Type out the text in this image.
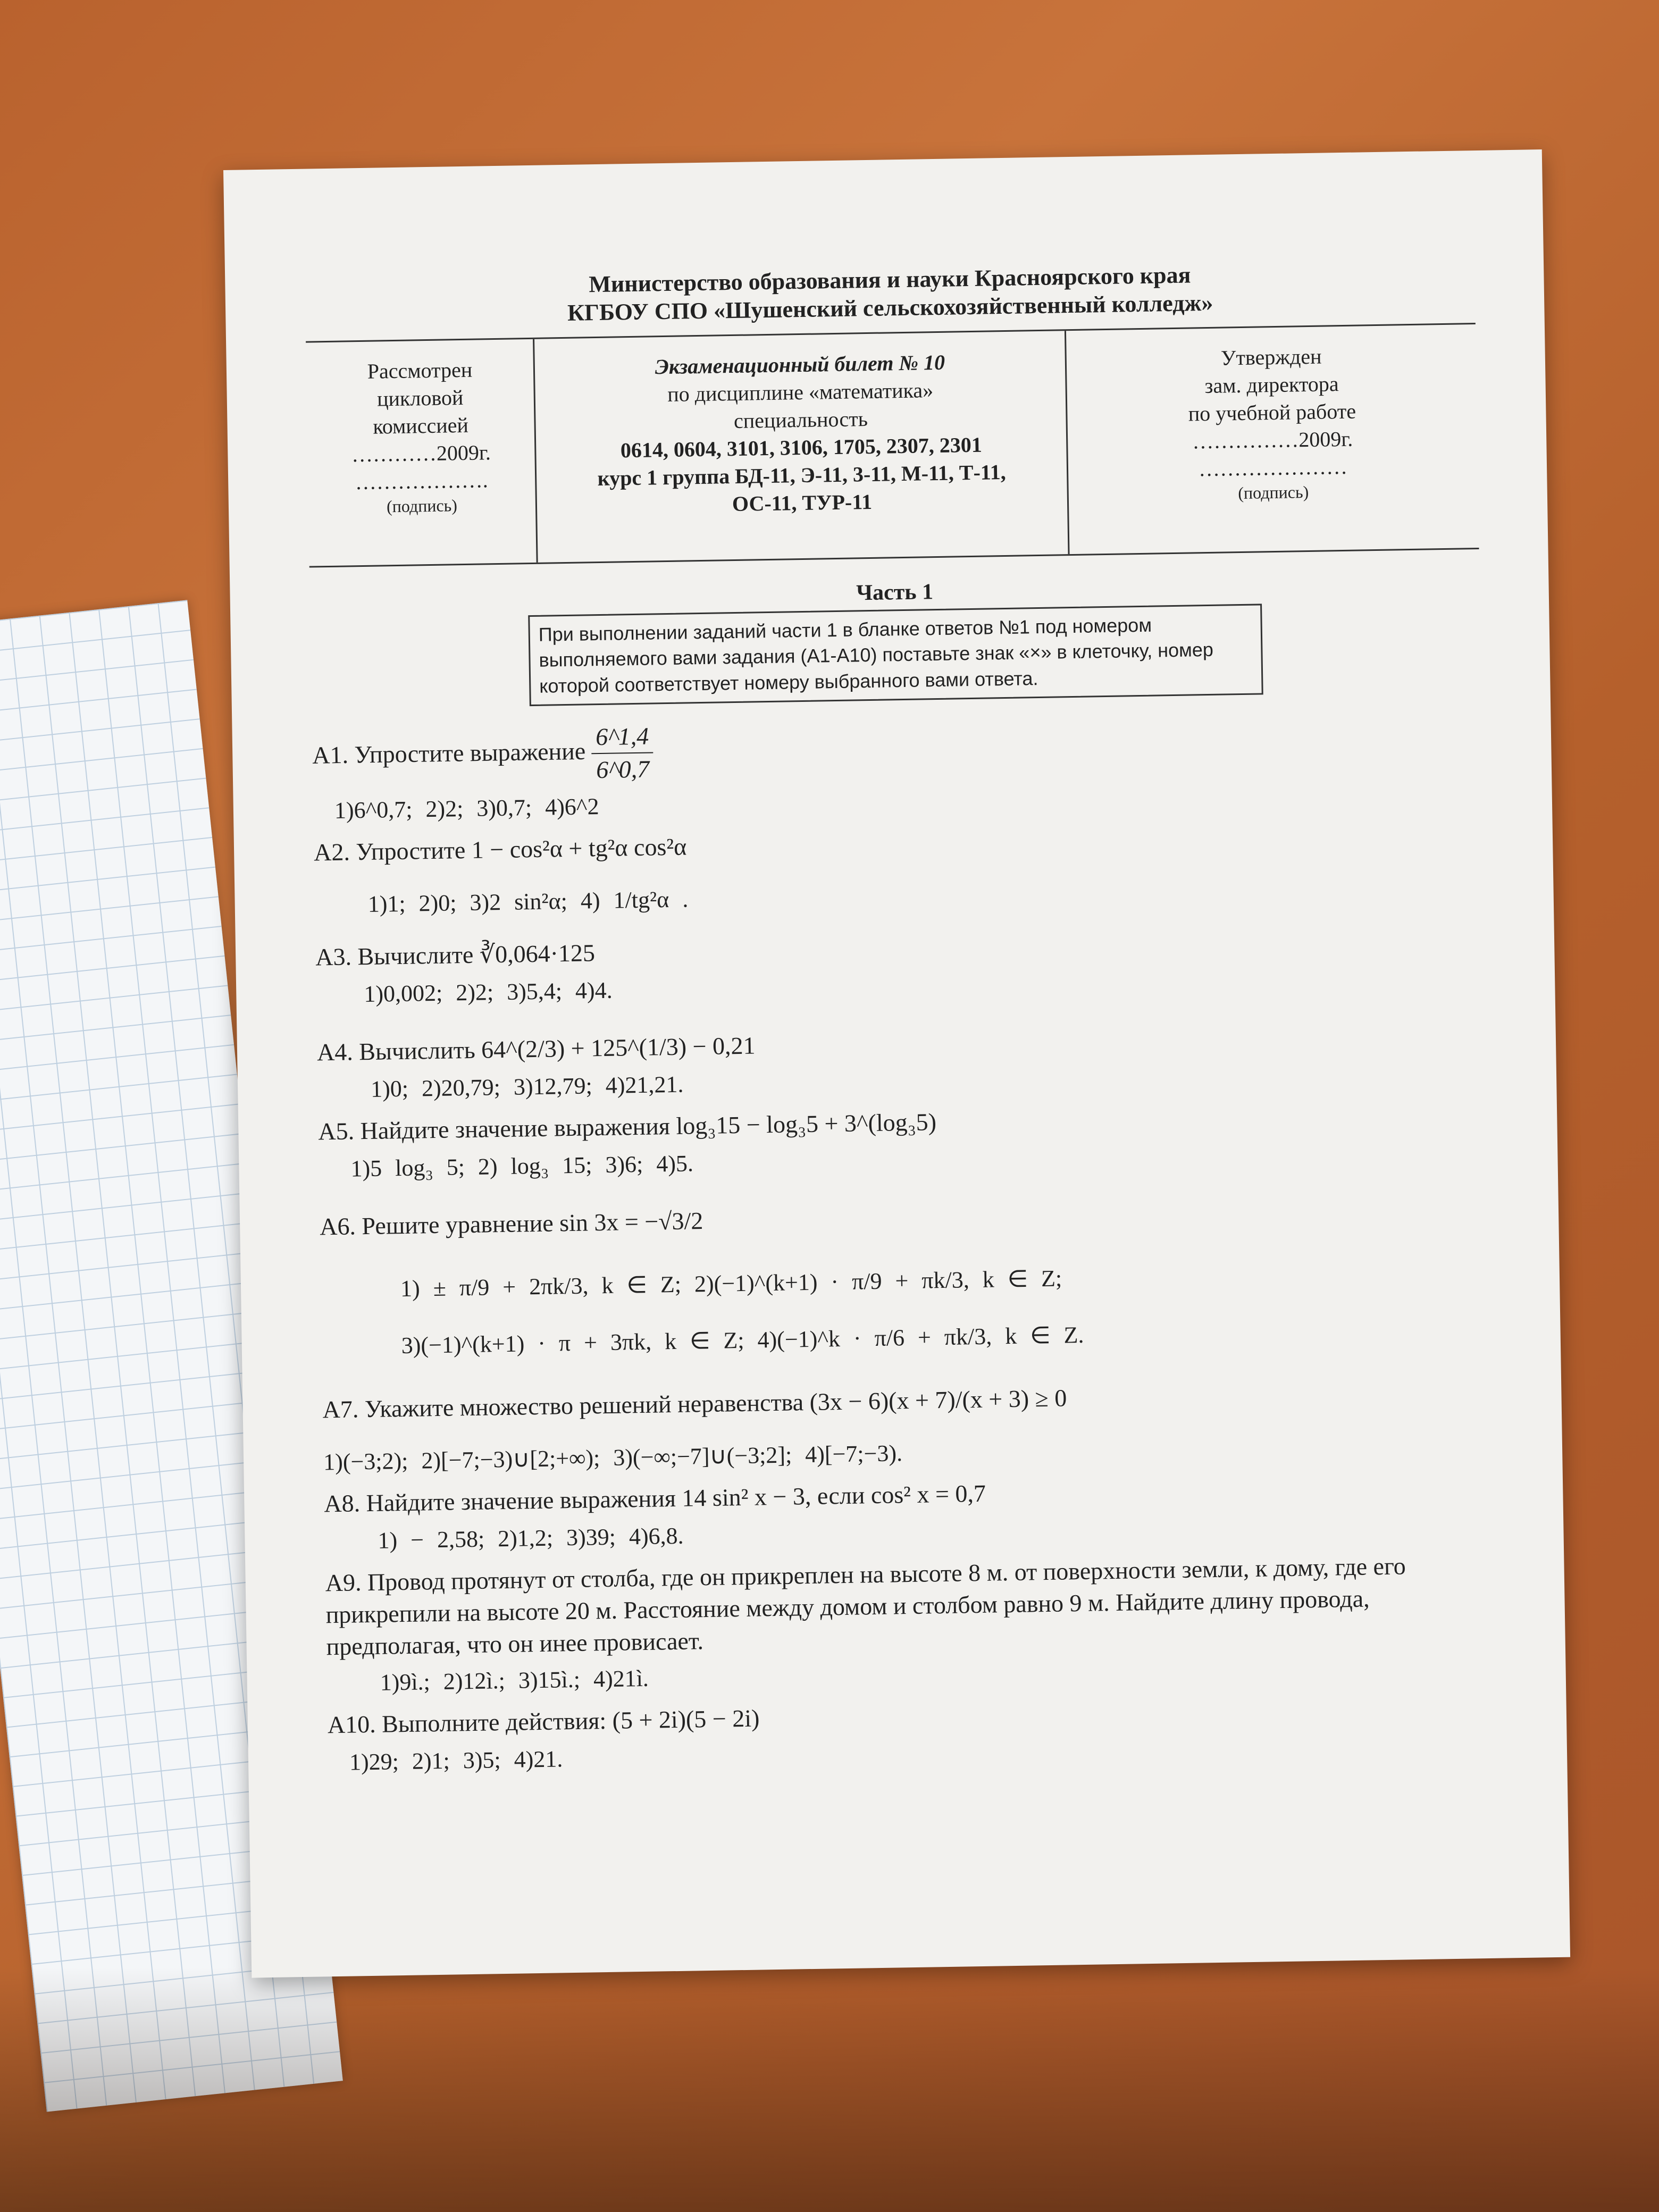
Министерство образования и науки Красноярского края
КГБОУ СПО «Шушенский сельскохозяйственный колледж»
Рассмотрен
цикловой
комиссией
…………2009г.
……………….
(подпись)
Экзаменационный билет № 10
по дисциплине «математика»
специальность
0614, 0604, 3101, 3106, 1705, 2307, 2301
курс 1 группа БД-11, Э-11, 3-11, М-11, Т-11,
ОС-11, ТУР-11
Утвержден
зам. директора
по учебной работе
……………2009г.
…………………
(подпись)
Часть 1
При выполнении заданий части 1 в бланке ответов №1 под номером выполняемого вами задания (А1-А10) поставьте знак «×» в клеточку, номер которой соответствует номеру выбранного вами ответа.
А1. Упростите выражение $\frac{6\^{}1,4}{6\^{}0,7}$
1)6^0,7; 2)2; 3)0,7; 4)6^2
А2. Упростите 1 − cos²α + tg²α cos²α
1)1; 2)0; 3)2 sin²α; 4) 1/tg²α .
А3. Вычислите ∛0,064·125
1)0,002; 2)2; 3)5,4; 4)4.
А4. Вычислить 64^(2/3) + 125^(1/3) − 0,21
1)0; 2)20,79; 3)12,79; 4)21,21.
А5. Найдите значение выражения log₃15 − log₃5 + 3^(log₃5)
1)5 log₃ 5; 2) log₃ 15; 3)6; 4)5.
А6. Решите уравнение sin 3x = −√3/2
1) ± π/9 + 2πk/3, k ∈ Z; 2)(−1)^(k+1) · π/9 + πk/3, k ∈ Z;
3)(−1)^(k+1) · π + 3πk, k ∈ Z; 4)(−1)^k · π/6 + πk/3, k ∈ Z.
А7. Укажите множество решений неравенства (3x − 6)(x + 7)/(x + 3) ≥ 0
1)(−3;2); 2)[−7;−3)∪[2;+∞); 3)(−∞;−7]∪(−3;2]; 4)[−7;−3).
А8. Найдите значение выражения 14 sin² x − 3, если cos² x = 0,7
1) − 2,58; 2)1,2; 3)39; 4)6,8.
А9. Провод протянут от столба, где он прикреплен на высоте 8 м. от поверхности земли, к дому, где его прикрепили на высоте 20 м. Расстояние между домом и столбом равно 9 м. Найдите длину провода, предполагая, что он инее провисает.
1)9ì.; 2)12ì.; 3)15ì.; 4)21ì.
А10. Выполните действия: (5 + 2i)(5 − 2i)
1)29; 2)1; 3)5; 4)21.
